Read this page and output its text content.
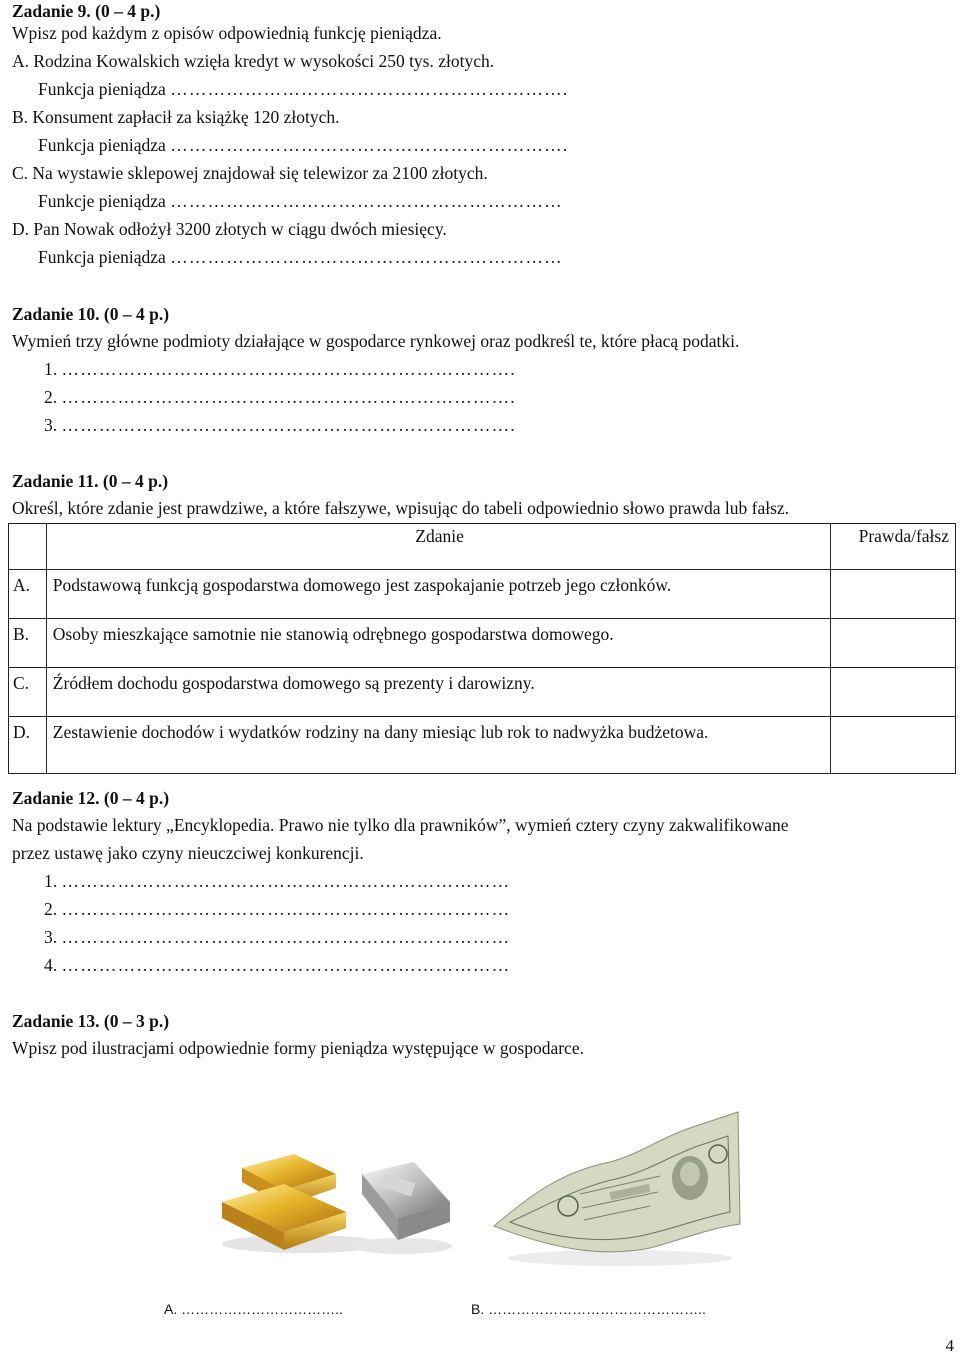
Zadanie 9. (0 – 4 p.)
Wpisz pod każdym z opisów odpowiednią funkcję pieniądza.
A. Rodzina Kowalskich wzięła kredyt w wysokości 250 tys. złotych.
Funkcja pieniądza ……………………………………………………….
B. Konsument zapłacił za książkę 120 złotych.
Funkcja pieniądza ……………………………………………………….
C. Na wystawie sklepowej znajdował się telewizor za 2100 złotych.
Funkcje pieniądza ………………………………………………………
D. Pan Nowak odłożył 3200 złotych w ciągu dwóch miesięcy.
Funkcja pieniądza ………………………………………………………
Zadanie 10. (0 – 4 p.)
Wymień trzy główne podmioty działające w gospodarce rynkowej oraz podkreśl te, które płacą podatki.
1. ……………………………………………………………….
2. ……………………………………………………………….
3. ……………………………………………………………….
Zadanie 11. (0 – 4 p.)
Określ, które zdanie jest prawdziwe, a które fałszywe, wpisując do tabeli odpowiednio słowo prawda lub fałsz.
	Zdanie	Prawda/fałsz
A.	Podstawową funkcją gospodarstwa domowego jest zaspokajanie potrzeb jego członków.	
B.	Osoby mieszkające samotnie nie stanowią odrębnego gospodarstwa domowego.	
C.	Źródłem dochodu gospodarstwa domowego są prezenty i darowizny.	
D.	Zestawienie dochodów i wydatków rodziny na dany miesiąc lub rok to nadwyżka budżetowa.	
Zadanie 12. (0 – 4 p.)
Na podstawie lektury „Encyklopedia. Prawo nie tylko dla prawników”, wymień cztery czyny zakwalifikowane
przez ustawę jako czyny nieuczciwej konkurencji.
1. ………………………………………………………………
2. ………………………………………………………………
3. ………………………………………………………………
4. ………………………………………………………………
Zadanie 13. (0 – 3 p.)
Wpisz pod ilustracjami odpowiednie formy pieniądza występujące w gospodarce.
A. ……………………………..	B. ………………………………………..
4
